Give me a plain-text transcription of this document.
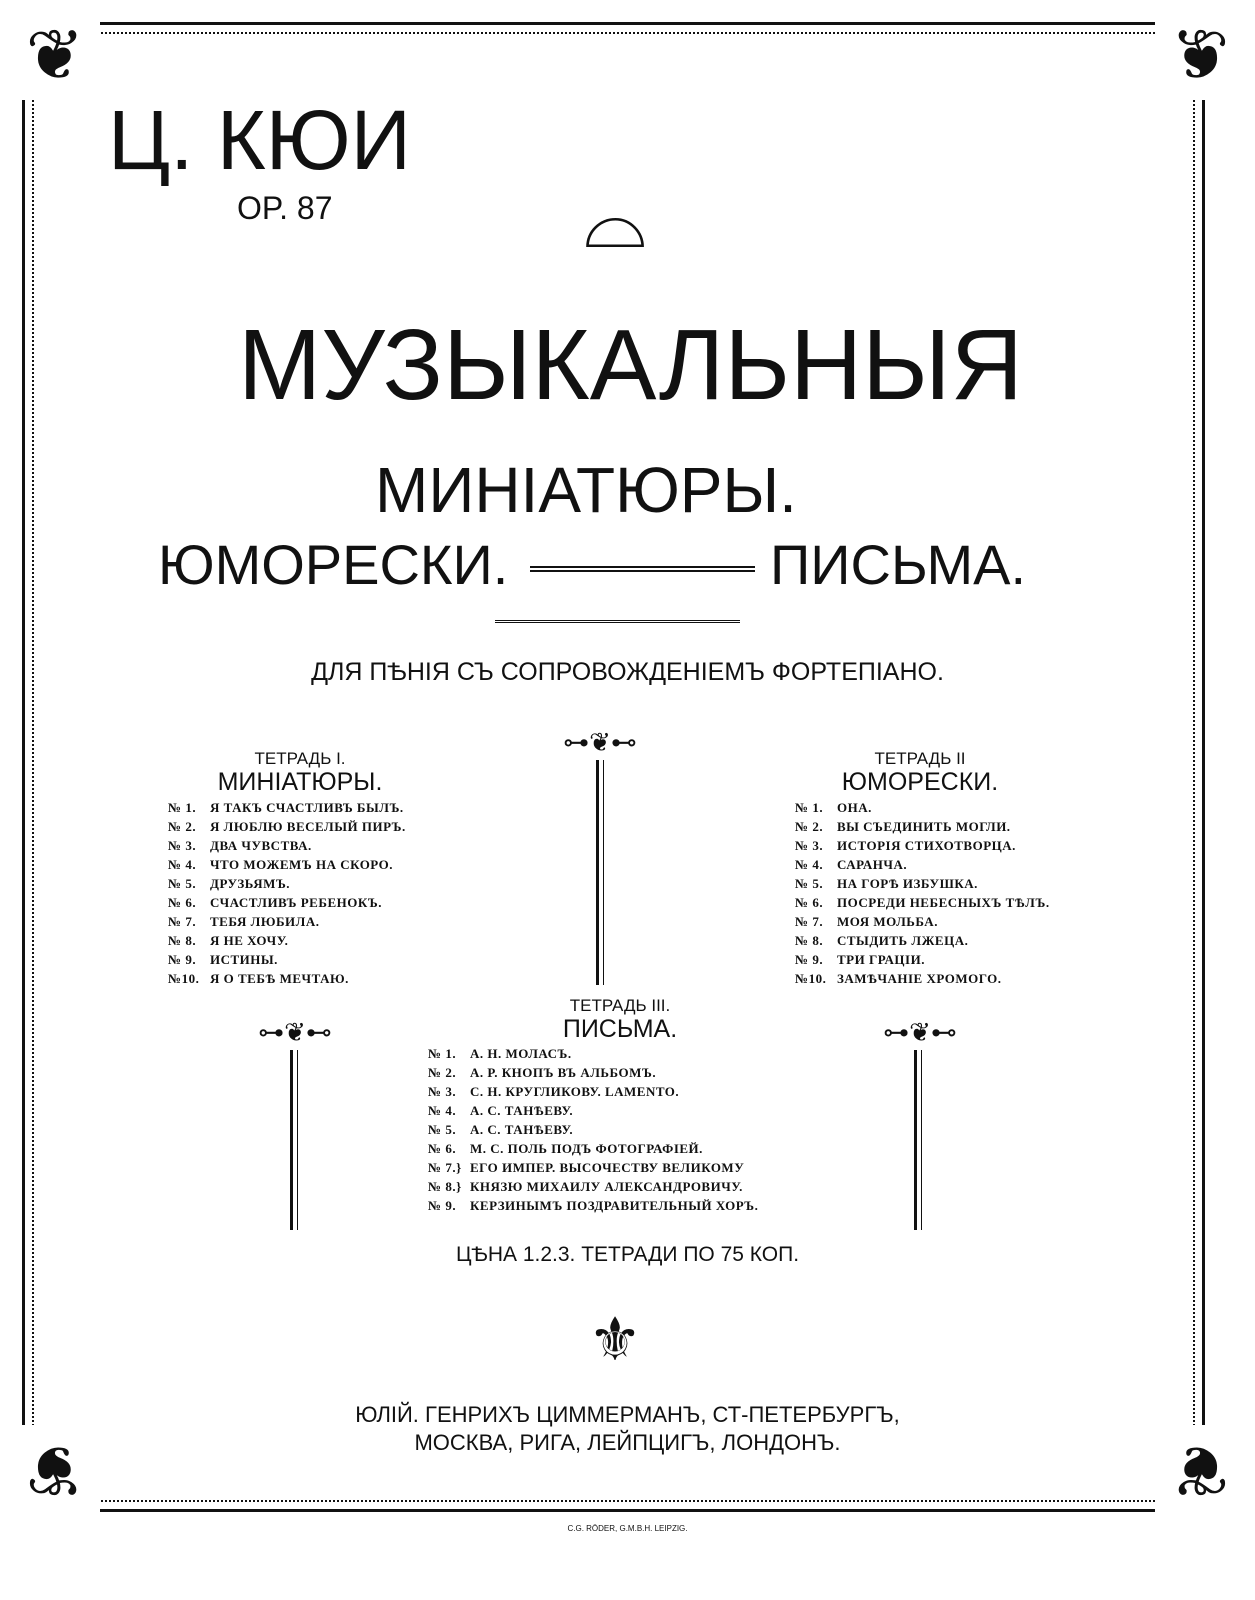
❦	❦
❦	❦
Ц. КЮИ
OP. 87	⌓
МУЗЫКАЛЬНЫЯ
МИНIАТЮРЫ.
ЮМОРЕСКИ.	ПИСЬМА.
ДЛЯ ПѢНIЯ СЪ СОПРОВОЖДЕНIЕМЪ ФОРТЕПIАНО.
⊶❦⊷
⊶❦⊷	⊶❦⊷
ТЕТРАДЬ I.
МИНIАТЮРЫ.
№ 1.	Я ТАКЪ СЧАСТЛИВЪ БЫЛЪ.
№ 2.	Я ЛЮБЛЮ ВЕСЕЛЫЙ ПИРЪ.
№ 3.	ДВА ЧУВСТВА.
№ 4.	ЧТО МОЖЕМЪ НА СКОРО.
№ 5.	ДРУЗЬЯМЪ.
№ 6.	СЧАСТЛИВЪ РЕБЕНОКЪ.
№ 7.	ТЕБЯ ЛЮБИЛА.
№ 8.	Я НЕ ХОЧУ.
№ 9.	ИСТИНЫ.
№10. Я О ТЕБѢ МЕЧТАЮ.
ТЕТРАДЬ II
ЮМОРЕСКИ.
№ 1.	ОНА.
№ 2.	ВЫ СЪЕДИНИТЬ МОГЛИ.
№ 3.	ИСТОРIЯ СТИХОТВОРЦА.
№ 4.	САРАНЧА.
№ 5.	НА ГОРѢ ИЗБУШКА.
№ 6.	ПОСРЕДИ НЕБЕСНЫХЪ ТѢЛЪ.
№ 7.	МОЯ МОЛЬБА.
№ 8.	СТЫДИТЬ ЛЖЕЦА.
№ 9.	ТРИ ГРАЦIИ.
№10. ЗАМѢЧАНIЕ ХРОМОГО.
ТЕТРАДЬ III.
ПИСЬМА.
№ 1.	А. Н. МОЛАСЪ.
№ 2.	А. Р. КНОПЪ ВЪ АЛЬБОМЪ.
№ 3.	С. Н. КРУГЛИКОВУ. LAMENTO.
№ 4.	А. С. ТАНѢЕВУ.
№ 5.	А. С. ТАНѢЕВУ.
№ 6.	М. С. ПОЛЬ ПОДЪ ФОТОГРАФIЕЙ.
№ 7.} ЕГО ИМПЕР. ВЫСОЧЕСТВУ ВЕЛИКОМУ
№ 8.} КНЯЗЮ МИХАИЛУ АЛЕКСАНДРОВИЧУ.
№ 9.	КЕРЗИНЫМЪ ПОЗДРАВИТЕЛЬНЫЙ ХОРЪ.
ЦѢНА 1.2.3. ТЕТРАДИ ПО 75 КОП.
⚜
ЮЛIЙ. ГЕНРИХЪ ЦИММЕРМАНЪ, СТ-ПЕТЕРБУРГЪ,
МОСКВА, РИГА, ЛЕЙПЦИГЪ, ЛОНДОНЪ.
C.G. RÖDER, G.M.B.H. LEIPZIG.
